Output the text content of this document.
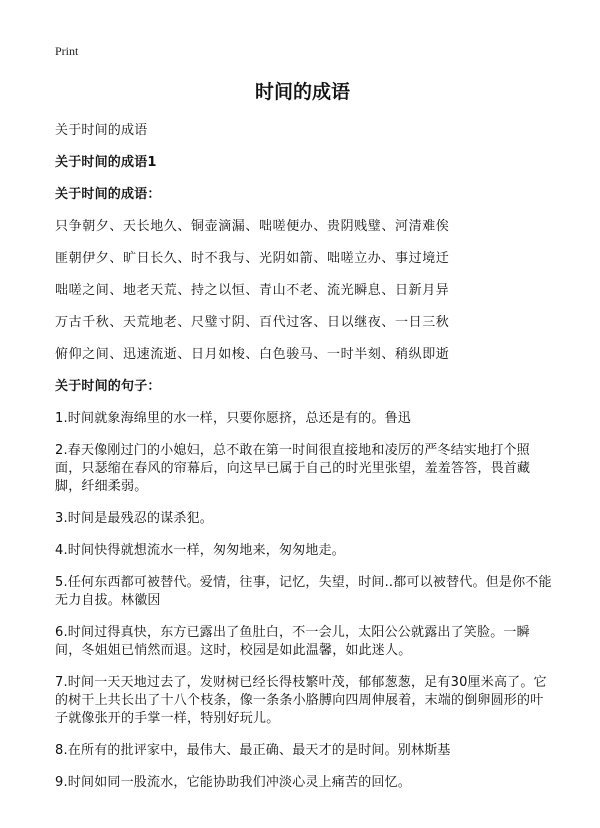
Print
时间的成语
关于时间的成语
关于时间的成语1
关于时间的成语：
只争朝夕、天长地久、铜壶滴漏、咄嗟便办、贵阴贱璧、河清难俟
匪朝伊夕、旷日长久、时不我与、光阴如箭、咄嗟立办、事过境迁
咄嗟之间、地老天荒、持之以恒、青山不老、流光瞬息、日新月异
万古千秋、天荒地老、尺璧寸阴、百代过客、日以继夜、一日三秋
俯仰之间、迅速流逝、日月如梭、白色骏马、一时半刻、稍纵即逝
关于时间的句子：
1.时间就象海绵里的水一样，只要你愿挤，总还是有的。鲁迅
2.春天像刚过门的小媳妇，总不敢在第一时间很直接地和凌厉的严冬结实地打个照面，只瑟缩在春风的帘幕后，向这早已属于自己的时光里张望，羞羞答答，畏首藏脚，纤细柔弱。
3.时间是最残忍的谋杀犯。
4.时间快得就想流水一样，匆匆地来，匆匆地走。
5.任何东西都可被替代。爱情，往事，记忆，失望，时间..都可以被替代。但是你不能无力自拔。林徽因
6.时间过得真快，东方已露出了鱼肚白，不一会儿，太阳公公就露出了笑脸。一瞬间，冬姐姐已悄然而退。这时，校园是如此温馨，如此迷人。
7.时间一天天地过去了，发财树已经长得枝繁叶茂，郁郁葱葱，足有30厘米高了。它的树干上共长出了十八个枝条，像一条条小胳膊向四周伸展着，末端的倒卵圆形的叶子就像张开的手掌一样，特别好玩儿。
8.在所有的批评家中，最伟大、最正确、最天才的是时间。别林斯基
9.时间如同一股流水，它能协助我们冲淡心灵上痛苦的回忆。
